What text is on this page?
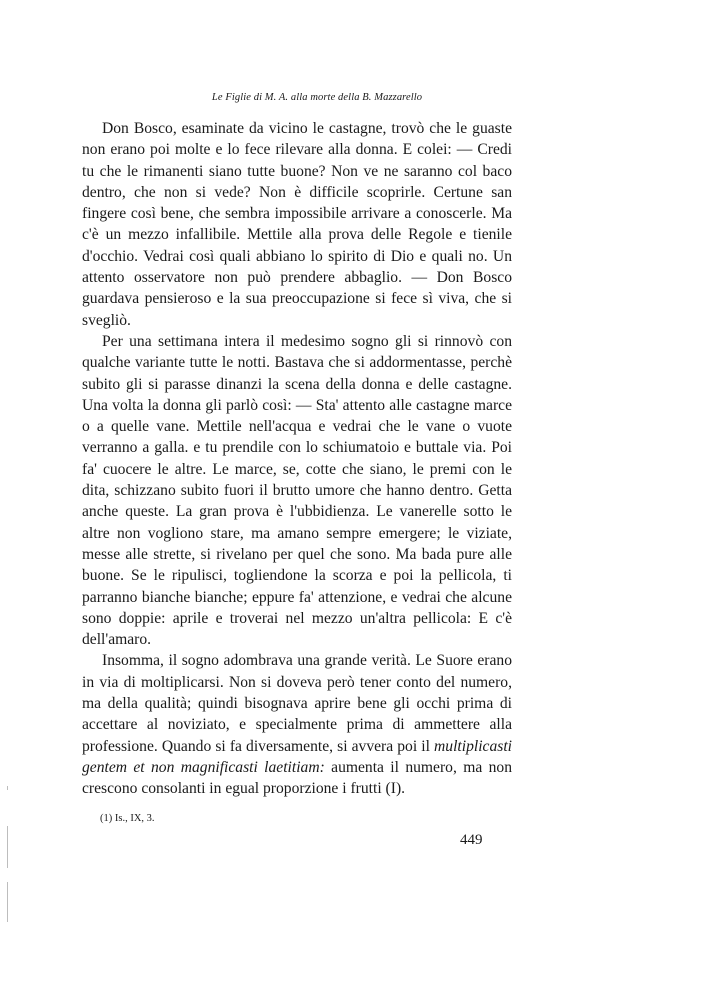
Le Figlie di M. A. alla morte della B. Mazzarello

Don Bosco, esaminate da vicino le castagne, trovò che le guaste non erano poi molte e lo fece rilevare alla donna. E colei: — Credi tu che le rimanenti siano tutte buone? Non ve ne saranno col baco dentro, che non si vede? Non è difficile scoprirle. Certune san fingere così bene, che sembra impossibile arrivare a conoscerle. Ma c'è un mezzo infallibile. Mettile alla prova delle Regole e tienile d'occhio. Vedrai così quali abbiano lo spirito di Dio e quali no. Un attento osservatore non può prendere abbaglio. — Don Bosco guardava pensieroso e la sua preoccupazione si fece sì viva, che si svegliò.

Per una settimana intera il medesimo sogno gli si rinnovò con qualche variante tutte le notti. Bastava che si addormentasse, perchè subito gli si parasse dinanzi la scena della donna e delle castagne. Una volta la donna gli parlò così: — Sta' attento alle castagne marce o a quelle vane. Mettile nell'acqua e vedrai che le vane o vuote verranno a galla. e tu prendile con lo schiumatoio e buttale via. Poi fa' cuocere le altre. Le marce, se, cotte che siano, le premi con le dita, schizzano subito fuori il brutto umore che hanno dentro. Getta anche queste. La gran prova è l'ubbidienza. Le vanerelle sotto le altre non vogliono stare, ma amano sempre emergere; le viziate, messe alle strette, si rivelano per quel che sono. Ma bada pure alle buone. Se le ripulisci, togliendone la scorza e poi la pellicola, ti parranno bianche bianche; eppure fa' attenzione, e vedrai che alcune sono doppie: aprile e troverai nel mezzo un'altra pellicola: E c'è dell'amaro.

Insomma, il sogno adombrava una grande verità. Le Suore erano in via di moltiplicarsi. Non si doveva però tener conto del numero, ma della qualità; quindi bisognava aprire bene gli occhi prima di accettare al noviziato, e specialmente prima di ammettere alla professione. Quando si fa diversamente, si avvera poi il multiplicasti gentem et non magnificasti laetitiam: aumenta il numero, ma non crescono consolanti in egual proporzione i frutti (I).

(1) Is., IX, 3.
449
